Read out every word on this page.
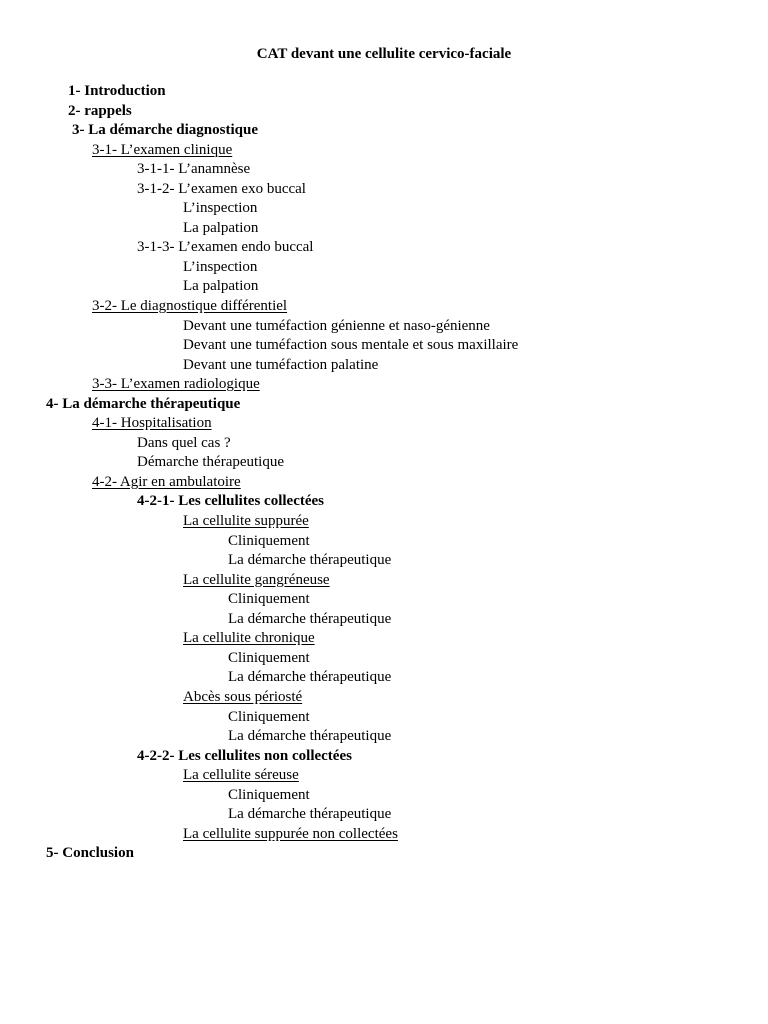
CAT devant une cellulite cervico-faciale
1- Introduction
2- rappels
3- La démarche diagnostique
3-1- L’examen clinique
3-1-1- L’anamnèse
3-1-2- L’examen exo buccal
L’inspection
La palpation
3-1-3- L’examen endo buccal
L’inspection
La palpation
3-2- Le diagnostique différentiel
Devant une tuméfaction génienne et naso-génienne
Devant une tuméfaction sous mentale et sous maxillaire
Devant une tuméfaction palatine
3-3- L’examen radiologique
4- La démarche thérapeutique
4-1- Hospitalisation
Dans quel cas ?
Démarche thérapeutique
4-2- Agir en ambulatoire
4-2-1- Les cellulites collectées
La cellulite suppurée
Cliniquement
La démarche thérapeutique
La cellulite gangréneuse
Cliniquement
La démarche thérapeutique
La cellulite chronique
Cliniquement
La démarche thérapeutique
Abcès sous périosté
Cliniquement
La démarche thérapeutique
4-2-2- Les cellulites non collectées
La cellulite séreuse
Cliniquement
La démarche thérapeutique
La cellulite suppurée non collectées
5- Conclusion
